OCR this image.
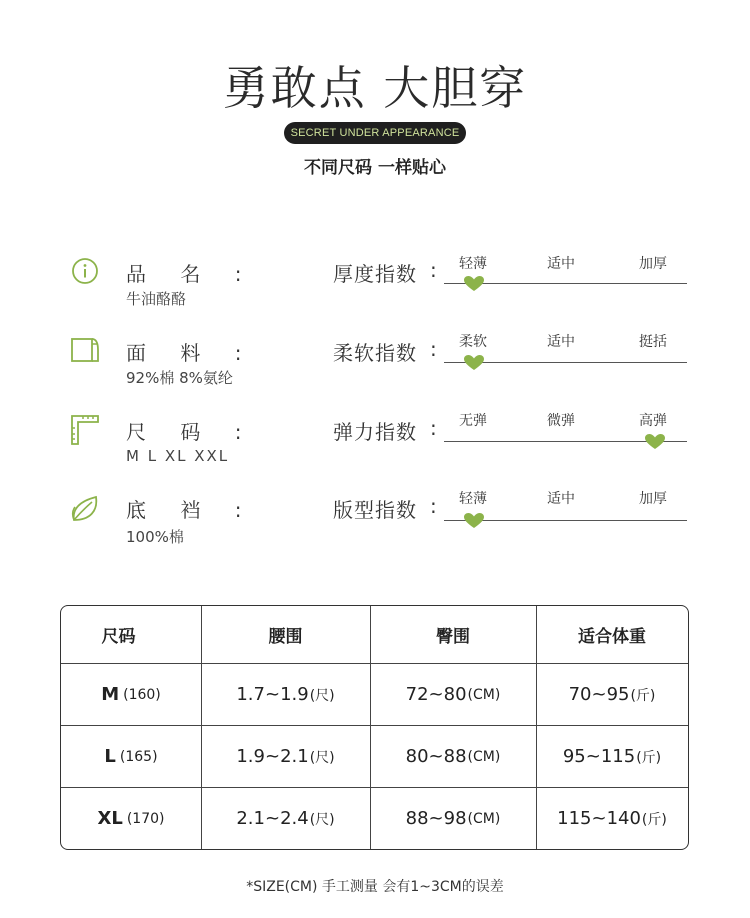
勇敢点 大胆穿
SECRET UNDER APPEARANCE
不同尺码 一样贴心
品 名 :
牛油酪酪
面 料 :
92%棉 8%氨纶
尺 码 :
M L XL XXL
底 裆 :
100%棉
厚度指数 : 轻薄	适中	加厚
柔软指数 : 柔软	适中	挺括
弹力指数 : 无弹	微弹	高弹
版型指数 : 轻薄	适中	加厚
尺码	腰围	臀围	适合体重
M (160)	1.7~1.9 (尺)	72~80 (CM)	70~95 (斤)
L (165)	1.9~2.1 (尺)	80~88 (CM)	95~115 (斤)
XL (170)	2.1~2.4 (尺)	88~98 (CM)	115~140 (斤)
*SIZE(CM) 手工测量 会有1~3CM的误差
